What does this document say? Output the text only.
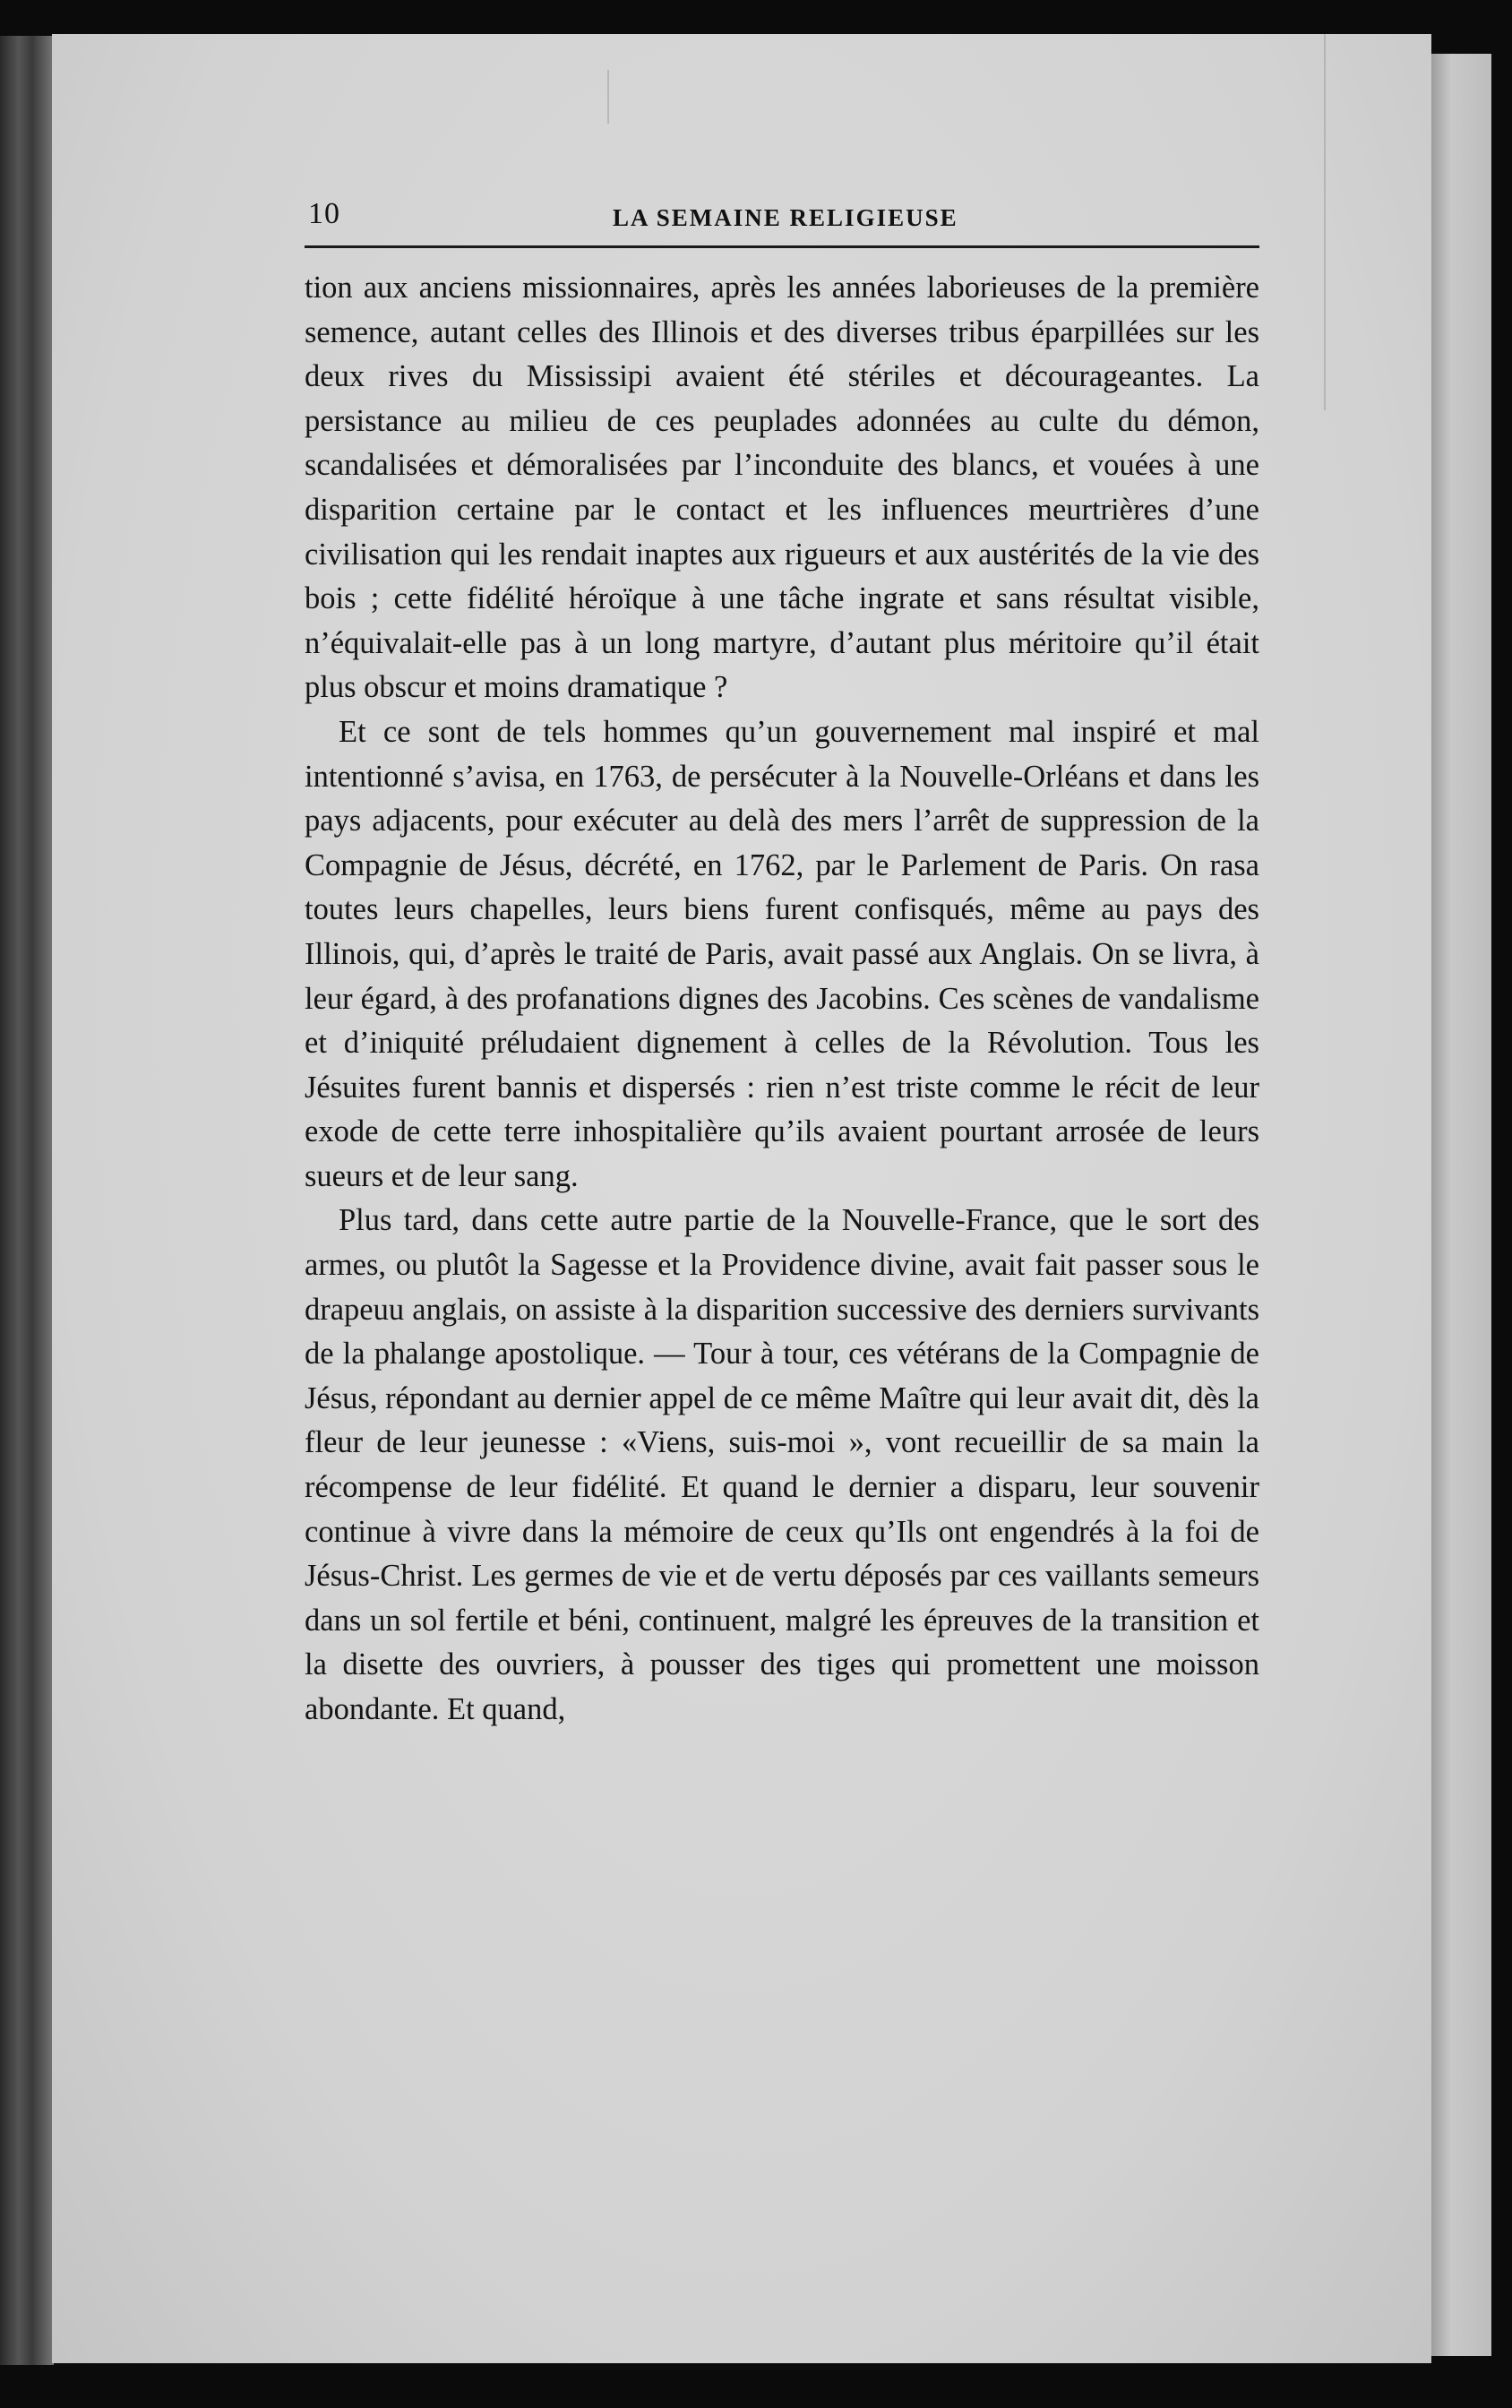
10	LA SEMAINE RELIGIEUSE

tion aux anciens missionnaires, après les années laborieuses de la première semence, autant celles des Illinois et des diverses tribus éparpillées sur les deux rives du Mississipi avaient été stériles et décourageantes. La persistance au milieu de ces peuplades adonnées au culte du démon, scandalisées et démoralisées par l’inconduite des blancs, et vouées à une disparition certaine par le contact et les influences meurtrières d’une civilisation qui les rendait inaptes aux rigueurs et aux austérités de la vie des bois ; cette fidélité héroïque à une tâche ingrate et sans résultat visible, n’équivalait-elle pas à un long martyre, d’autant plus méritoire qu’il était plus obscur et moins dramatique ?

Et ce sont de tels hommes qu’un gouvernement mal inspiré et mal intentionné s’avisa, en 1763, de persécuter à la Nouvelle-Orléans et dans les pays adjacents, pour exécuter au delà des mers l’arrêt de suppression de la Compagnie de Jésus, décrété, en 1762, par le Parlement de Paris. On rasa toutes leurs chapelles, leurs biens furent confisqués, même au pays des Illinois, qui, d’après le traité de Paris, avait passé aux Anglais. On se livra, à leur égard, à des profanations dignes des Jacobins. Ces scènes de vandalisme et d’iniquité préludaient dignement à celles de la Révolution. Tous les Jésuites furent bannis et dispersés : rien n’est triste comme le récit de leur exode de cette terre inhospitalière qu’ils avaient pourtant arrosée de leurs sueurs et de leur sang.

Plus tard, dans cette autre partie de la Nouvelle-France, que le sort des armes, ou plutôt la Sagesse et la Providence divine, avait fait passer sous le drapeuu anglais, on assiste à la disparition successive des derniers survivants de la phalange apostolique. — Tour à tour, ces vétérans de la Compagnie de Jésus, répondant au dernier appel de ce même Maître qui leur avait dit, dès la fleur de leur jeunesse : «Viens, suis-moi », vont recueillir de sa main la récompense de leur fidélité. Et quand le dernier a disparu, leur souvenir continue à vivre dans la mémoire de ceux qu’Ils ont engendrés à la foi de Jésus-Christ. Les germes de vie et de vertu déposés par ces vaillants semeurs dans un sol fertile et béni, continuent, malgré les épreuves de la transition et la disette des ouvriers, à pousser des tiges qui promettent une moisson abondante. Et quand,
